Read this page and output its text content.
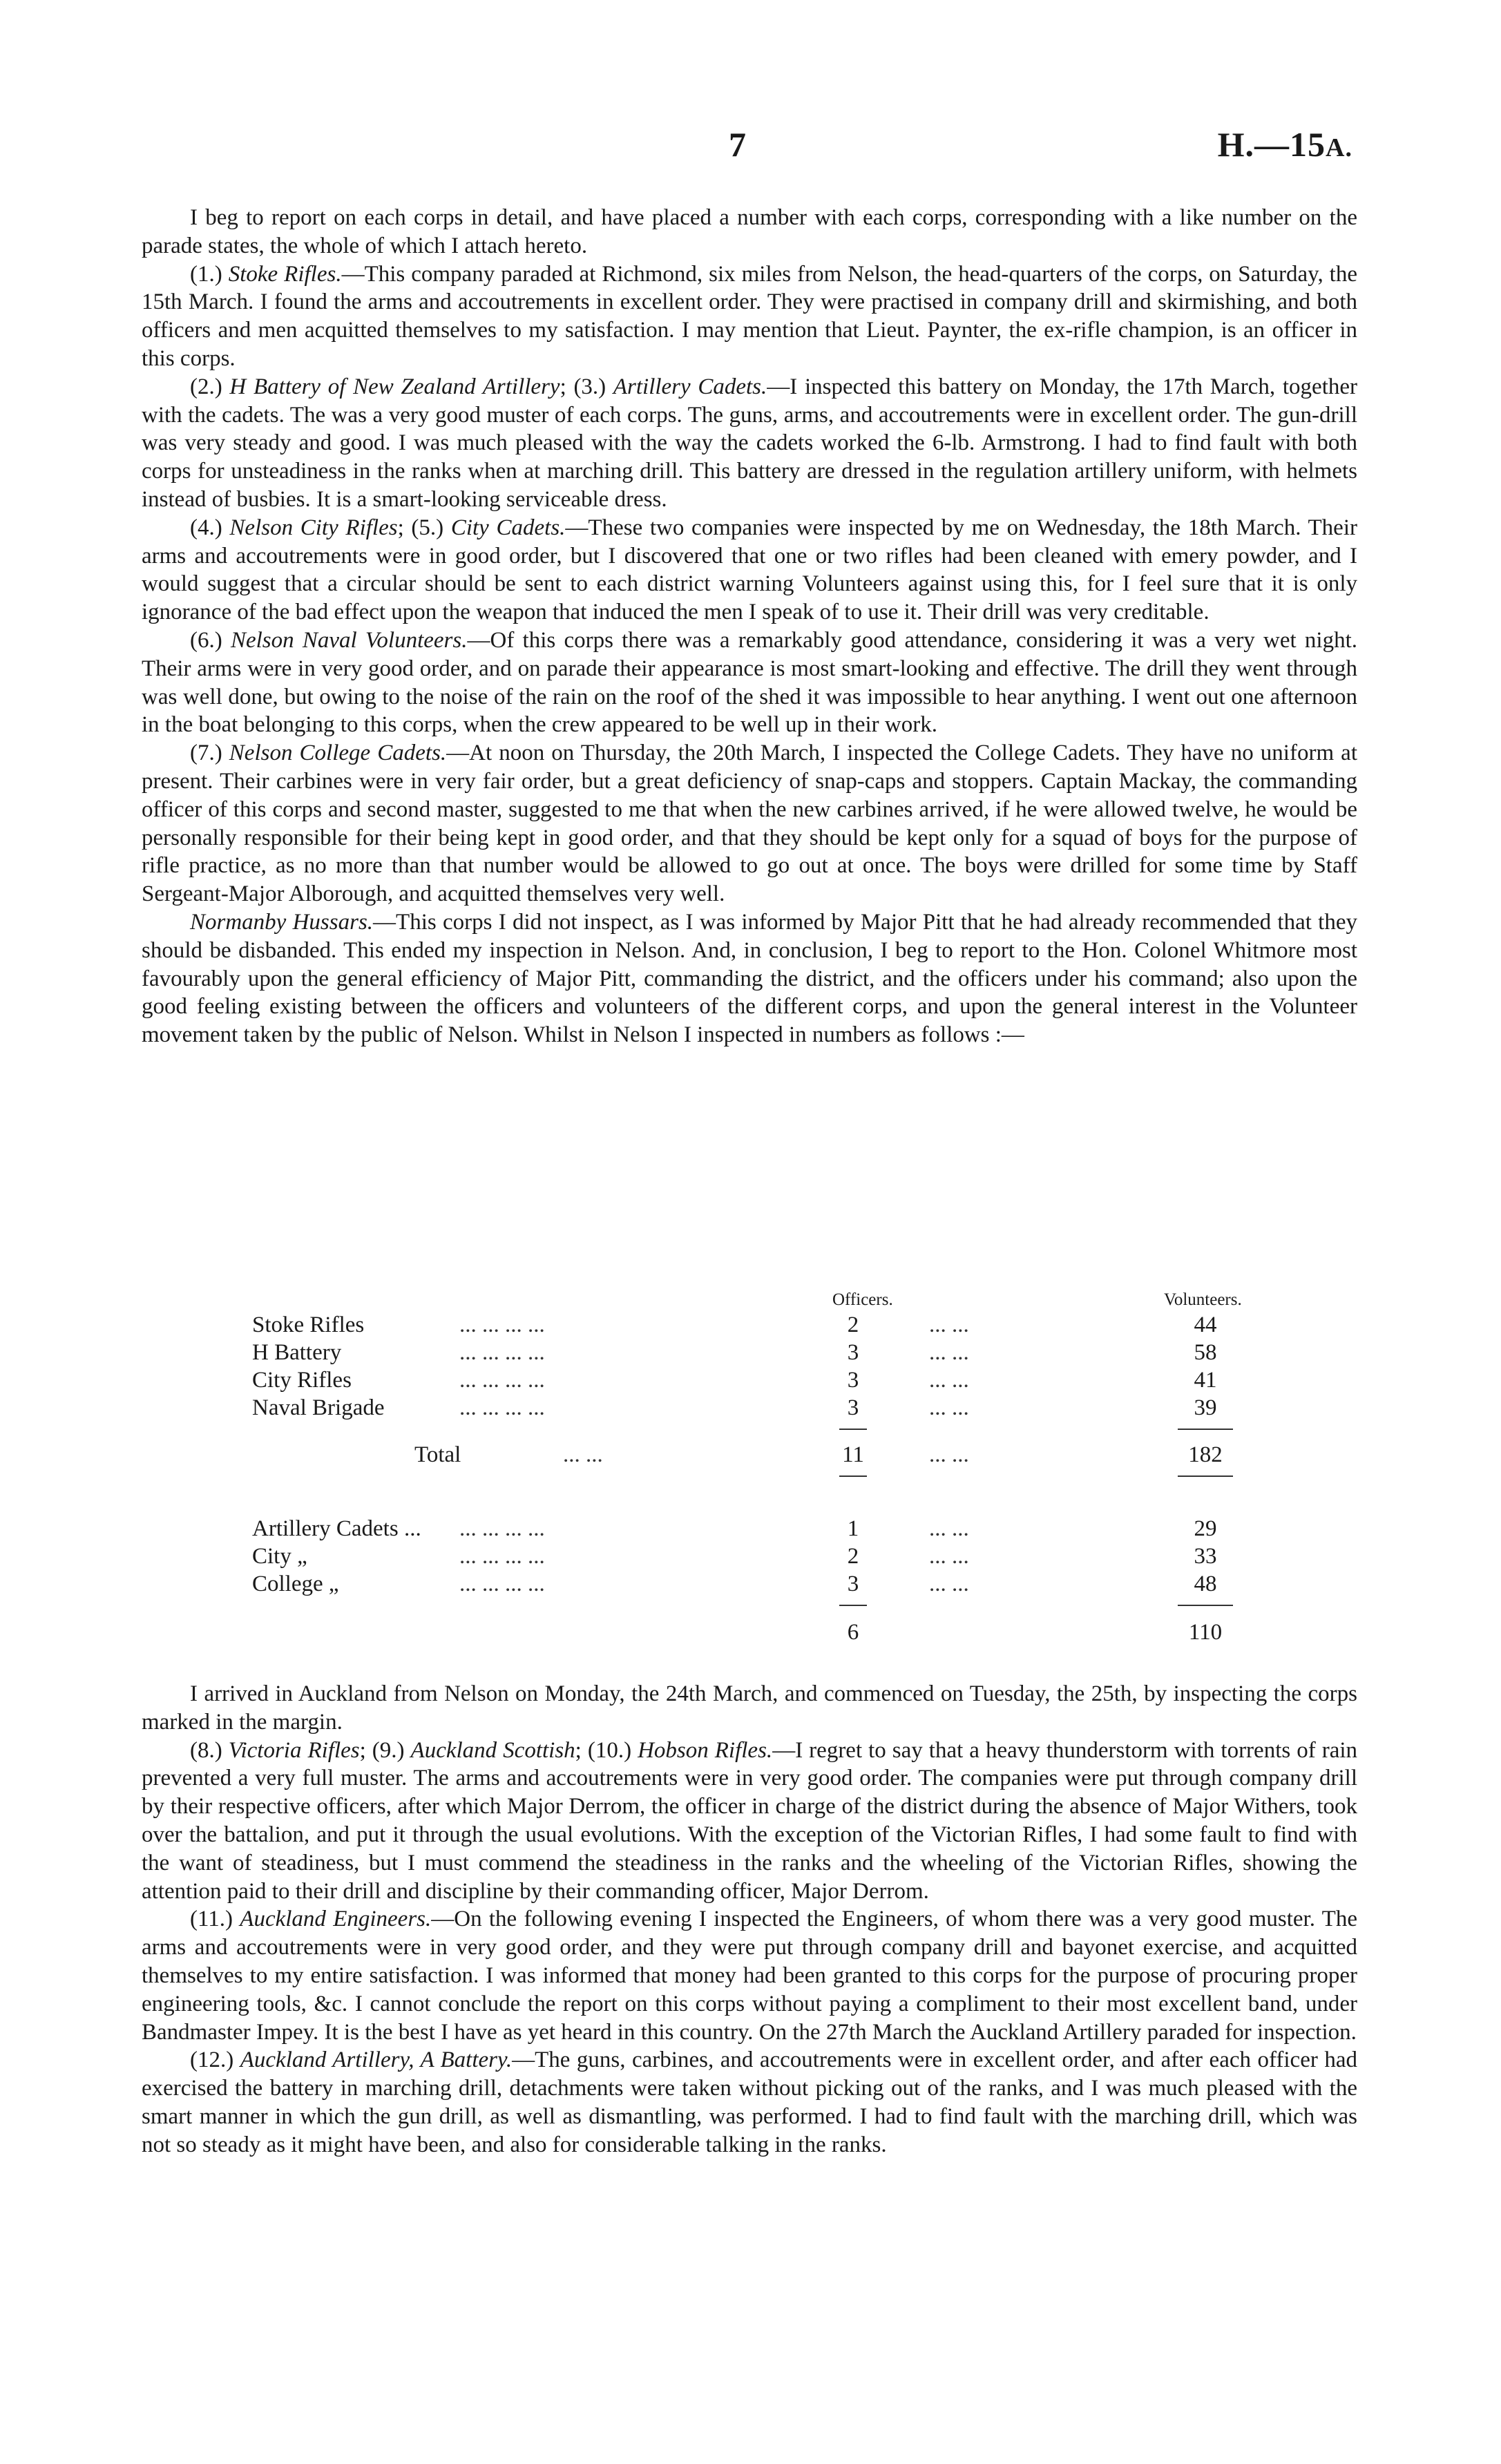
7	H.—15A.

I beg to report on each corps in detail, and have placed a number with each corps, corresponding with a like number on the parade states, the whole of which I attach hereto.

(1.) Stoke Rifles.—This company paraded at Richmond, six miles from Nelson, the head-quarters of the corps, on Saturday, the 15th March. I found the arms and accoutrements in excellent order. They were practised in company drill and skirmishing, and both officers and men acquitted themselves to my satisfaction. I may mention that Lieut. Paynter, the ex-rifle champion, is an officer in this corps.

(2.) H Battery of New Zealand Artillery; (3.) Artillery Cadets.—I inspected this battery on Monday, the 17th March, together with the cadets. The was a very good muster of each corps. The guns, arms, and accoutrements were in excellent order. The gun-drill was very steady and good. I was much pleased with the way the cadets worked the 6-lb. Armstrong. I had to find fault with both corps for unsteadiness in the ranks when at marching drill. This battery are dressed in the regulation artillery uniform, with helmets instead of busbies. It is a smart-looking serviceable dress.

(4.) Nelson City Rifles; (5.) City Cadets.—These two companies were inspected by me on Wednesday, the 18th March. Their arms and accoutrements were in good order, but I discovered that one or two rifles had been cleaned with emery powder, and I would suggest that a circular should be sent to each district warning Volunteers against using this, for I feel sure that it is only ignorance of the bad effect upon the weapon that induced the men I speak of to use it. Their drill was very creditable.

(6.) Nelson Naval Volunteers.—Of this corps there was a remarkably good attendance, considering it was a very wet night. Their arms were in very good order, and on parade their appearance is most smart-looking and effective. The drill they went through was well done, but owing to the noise of the rain on the roof of the shed it was impossible to hear anything. I went out one afternoon in the boat belonging to this corps, when the crew appeared to be well up in their work.

(7.) Nelson College Cadets.—At noon on Thursday, the 20th March, I inspected the College Cadets. They have no uniform at present. Their carbines were in very fair order, but a great deficiency of snap-caps and stoppers. Captain Mackay, the commanding officer of this corps and second master, suggested to me that when the new carbines arrived, if he were allowed twelve, he would be personally responsible for their being kept in good order, and that they should be kept only for a squad of boys for the purpose of rifle practice, as no more than that number would be allowed to go out at once. The boys were drilled for some time by Staff Sergeant-Major Alborough, and acquitted themselves very well.

Normanby Hussars.—This corps I did not inspect, as I was informed by Major Pitt that he had already recommended that they should be disbanded. This ended my inspection in Nelson. And, in conclusion, I beg to report to the Hon. Colonel Whitmore most favourably upon the general efficiency of Major Pitt, commanding the district, and the officers under his command; also upon the good feeling existing between the officers and volunteers of the different corps, and upon the general interest in the Volunteer movement taken by the public of Nelson. Whilst in Nelson I inspected in numbers as follows :—

Officers.	Volunteers.
Stoke Rifles	... ... ... ...	2	... ...	44
H Battery	... ... ... ...	3	... ...	58
City Rifles	... ... ... ...	3	... ...	41
Naval Brigade	... ... ... ...	3	... ...	39
Total	... ...	11	... ...	182
Artillery Cadets ... ... ... ... ...	1	... ...	29
City „	... ... ... ...	2	... ...	33
College „	... ... ... ...	3	... ...	48
6	110

I arrived in Auckland from Nelson on Monday, the 24th March, and commenced on Tuesday, the 25th, by inspecting the corps marked in the margin.

(8.) Victoria Rifles; (9.) Auckland Scottish; (10.) Hobson Rifles.—I regret to say that a heavy thunderstorm with torrents of rain prevented a very full muster. The arms and accoutrements were in very good order. The companies were put through company drill by their respective officers, after which Major Derrom, the officer in charge of the district during the absence of Major Withers, took over the battalion, and put it through the usual evolutions. With the exception of the Victorian Rifles, I had some fault to find with the want of steadiness, but I must commend the steadiness in the ranks and the wheeling of the Victorian Rifles, showing the attention paid to their drill and discipline by their commanding officer, Major Derrom.

(11.) Auckland Engineers.—On the following evening I inspected the Engineers, of whom there was a very good muster. The arms and accoutrements were in very good order, and they were put through company drill and bayonet exercise, and acquitted themselves to my entire satisfaction. I was informed that money had been granted to this corps for the purpose of procuring proper engineering tools, &c. I cannot conclude the report on this corps without paying a compliment to their most excellent band, under Bandmaster Impey. It is the best I have as yet heard in this country. On the 27th March the Auckland Artillery paraded for inspection.

(12.) Auckland Artillery, A Battery.—The guns, carbines, and accoutrements were in excellent order, and after each officer had exercised the battery in marching drill, detachments were taken without picking out of the ranks, and I was much pleased with the smart manner in which the gun drill, as well as dismantling, was performed. I had to find fault with the marching drill, which was not so steady as it might have been, and also for considerable talking in the ranks.
